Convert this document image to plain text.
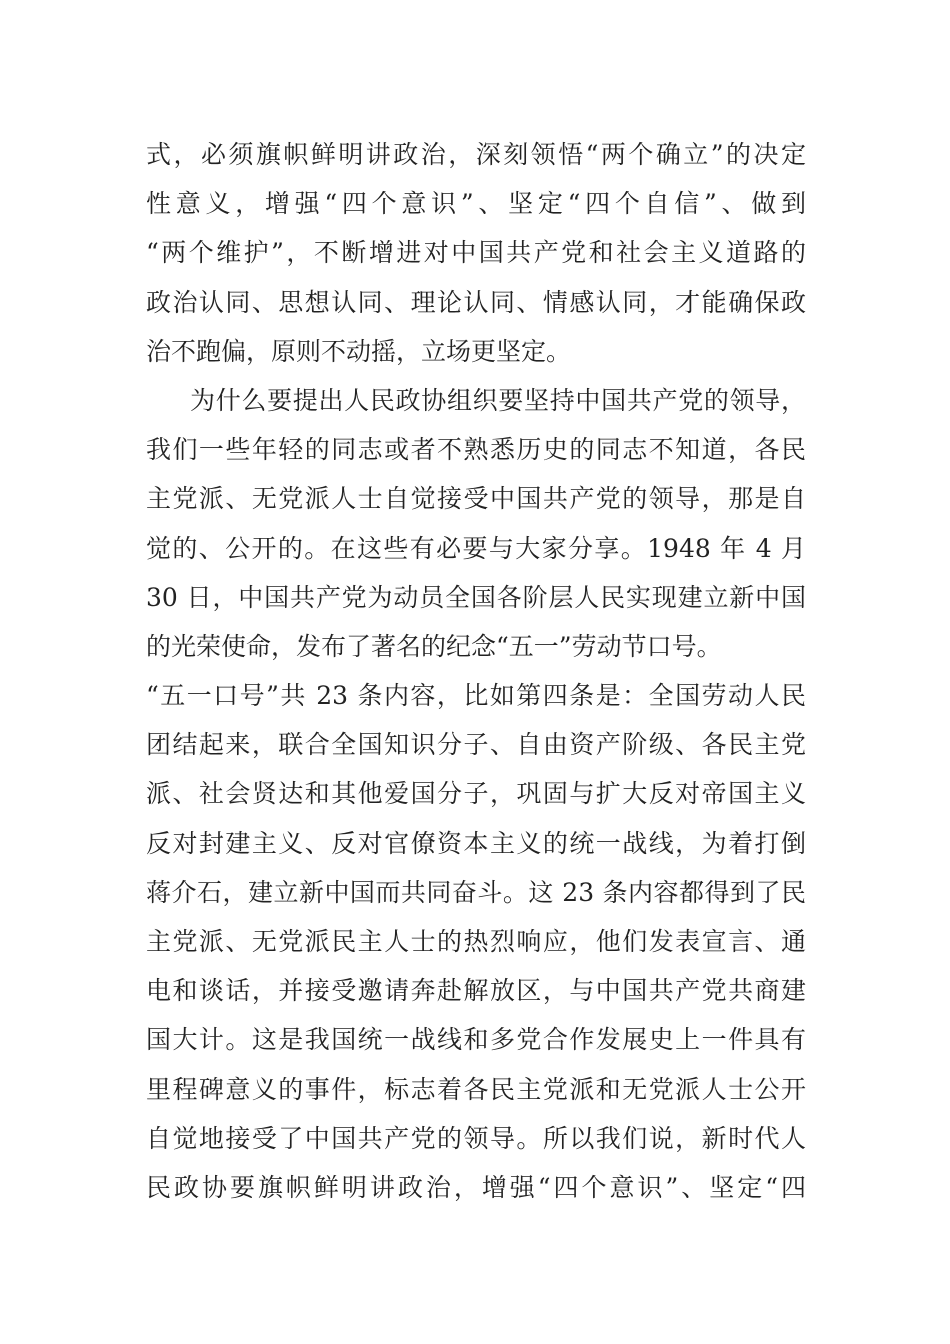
式，必须旗帜鲜明讲政治，深刻领悟“两个确立”的决定
性意义，增强“四个意识”、坚定“四个自信”、做到
“两个维护”，不断增进对中国共产党和社会主义道路的
政治认同、思想认同、理论认同、情感认同，才能确保政
治不跑偏，原则不动摇，立场更坚定。
为什么要提出人民政协组织要坚持中国共产党的领导，
我们一些年轻的同志或者不熟悉历史的同志不知道，各民
主党派、无党派人士自觉接受中国共产党的领导，那是自
觉的、公开的。在这些有必要与大家分享。1948 年 4 月
30 日，中国共产党为动员全国各阶层人民实现建立新中国
的光荣使命，发布了著名的纪念“五一”劳动节口号。
“五一口号”共 23 条内容，比如第四条是：全国劳动人民
团结起来，联合全国知识分子、自由资产阶级、各民主党
派、社会贤达和其他爱国分子，巩固与扩大反对帝国主义
反对封建主义、反对官僚资本主义的统一战线，为着打倒
蒋介石，建立新中国而共同奋斗。这 23 条内容都得到了民
主党派、无党派民主人士的热烈响应，他们发表宣言、通
电和谈话，并接受邀请奔赴解放区，与中国共产党共商建
国大计。这是我国统一战线和多党合作发展史上一件具有
里程碑意义的事件，标志着各民主党派和无党派人士公开
自觉地接受了中国共产党的领导。所以我们说，新时代人
民政协要旗帜鲜明讲政治，增强“四个意识”、坚定“四
